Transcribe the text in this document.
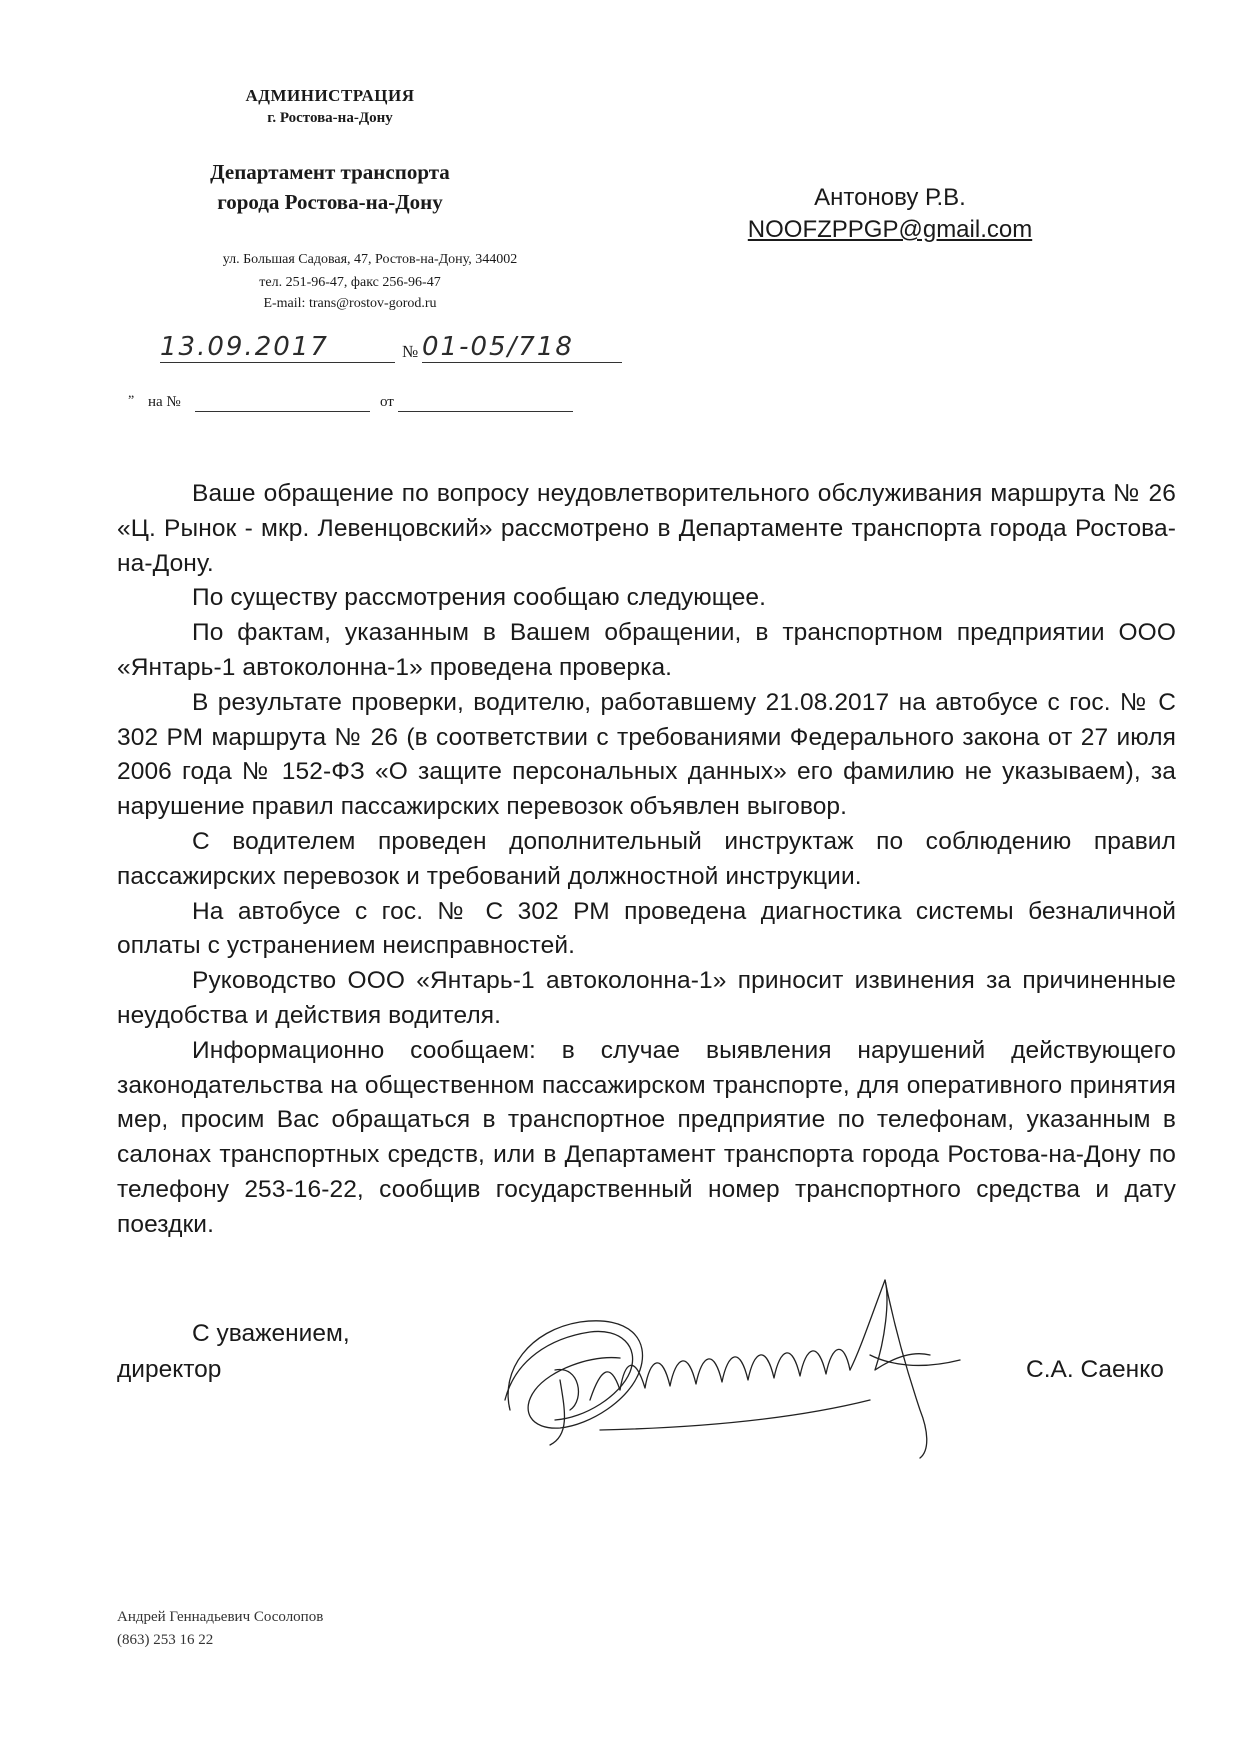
АДМИНИСТРАЦИЯ
г. Ростова-на-Дону
Департамент транспорта
города Ростова-на-Дону
ул. Большая Садовая, 47, Ростов-на-Дону, 344002
тел. 251-96-47, факс 256-96-47
E-mail: trans@rostov-gorod.ru
Антонову Р.В.
NOOFZPPGP@gmail.com
13.09.2017	№ 01-05/718
„
на №	от

Ваше обращение по вопросу неудовлетворительного обслуживания маршрута № 26 «Ц. Рынок - мкр. Левенцовский» рассмотрено в Департаменте транспорта города Ростова-на-Дону.

По существу рассмотрения сообщаю следующее.

По фактам, указанным в Вашем обращении, в транспортном предприятии ООО «Янтарь-1 автоколонна-1» проведена проверка.

В результате проверки, водителю, работавшему 21.08.2017 на автобусе с гос. № С 302 РМ маршрута № 26 (в соответствии с требованиями Федерального закона от 27 июля 2006 года № 152-ФЗ «О защите персональных данных» его фамилию не указываем), за нарушение правил пассажирских перевозок объявлен выговор.

С водителем проведен дополнительный инструктаж по соблюдению правил пассажирских перевозок и требований должностной инструкции.

На автобусе с гос. № С 302 РМ проведена диагностика системы безналичной оплаты с устранением неисправностей.

Руководство ООО «Янтарь-1 автоколонна-1» приносит извинения за причиненные неудобства и действия водителя.

Информационно сообщаем: в случае выявления нарушений действующего законодательства на общественном пассажирском транспорте, для оперативного принятия мер, просим Вас обращаться в транспортное предприятие по телефонам, указанным в салонах транспортных средств, или в Департамент транспорта города Ростова-на-Дону по телефону 253-16-22, сообщив государственный номер транспортного средства и дату поездки.

С уважением,
директор	С.А. Саенко
Андрей Геннадьевич Сосолопов
(863) 253 16 22
